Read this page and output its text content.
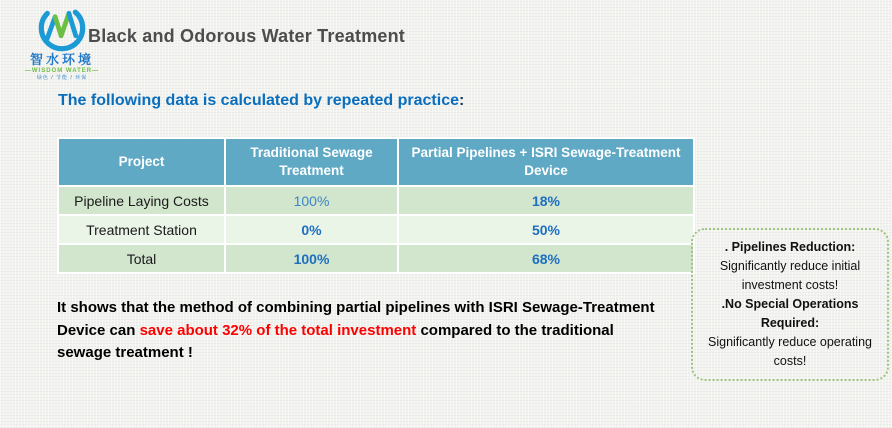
智水环境
—WISDOM WATER—
绿色 / 节能 / 环保
Black and Odorous Water Treatment
The following data is calculated by repeated practice:
Project	Traditional Sewage Treatment	Partial Pipelines + ISRI Sewage-Treatment Device
Pipeline Laying Costs	100%	18%
Treatment Station	0%	50%
Total	100%	68%
It shows that the method of combining partial pipelines with ISRI Sewage-Treatment Device can save about 32% of the total investment compared to the traditional sewage treatment !
. Pipelines Reduction:
Significantly reduce initial investment costs!
.No Special Operations Required:
Significantly reduce operating costs!
